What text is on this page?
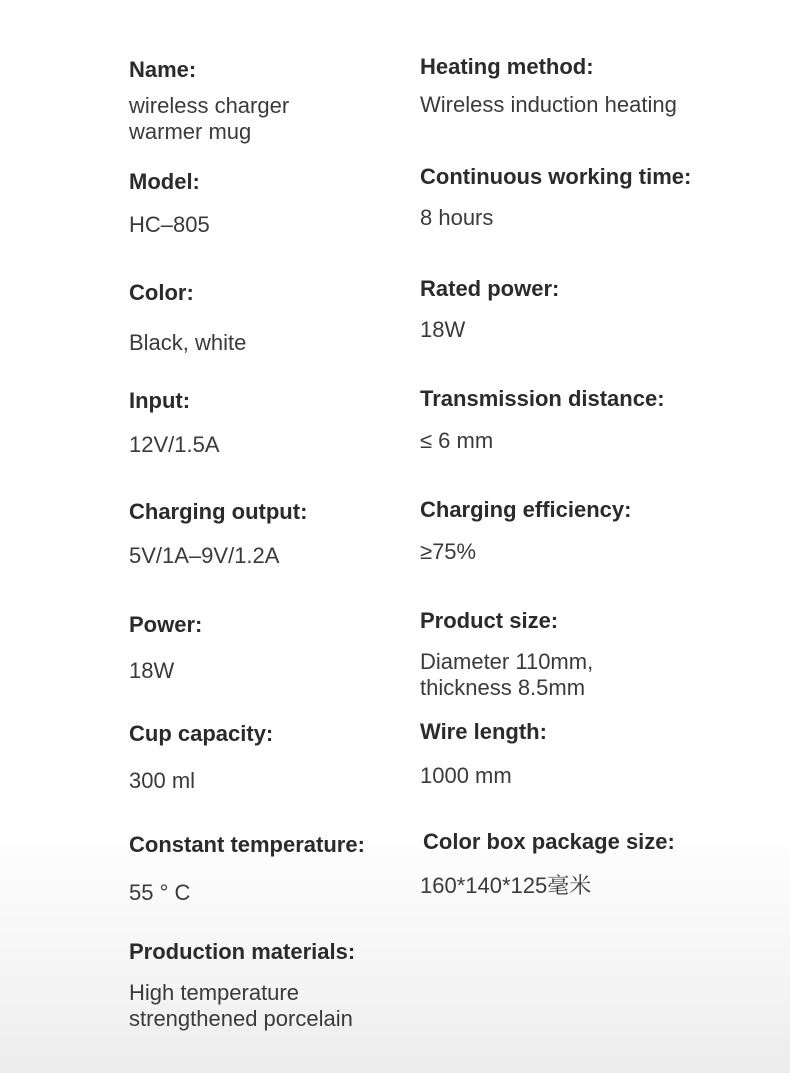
Name:
wireless charger
warmer mug
Model:
HC–805
Color:
Black, white
Input:
12V/1.5A
Charging output:
5V/1A–9V/1.2A
Power:
18W
Cup capacity:
300 ml
Constant temperature:
55 ° C
Production materials:
High temperature
strengthened porcelain
Heating method:
Wireless induction heating
Continuous working time:
8 hours
Rated power:
18W
Transmission distance:
≤ 6 mm
Charging efficiency:
≥75%
Product size:
Diameter 110mm,
thickness 8.5mm
Wire length:
1000 mm
Color box package size:
160*140*125毫米
